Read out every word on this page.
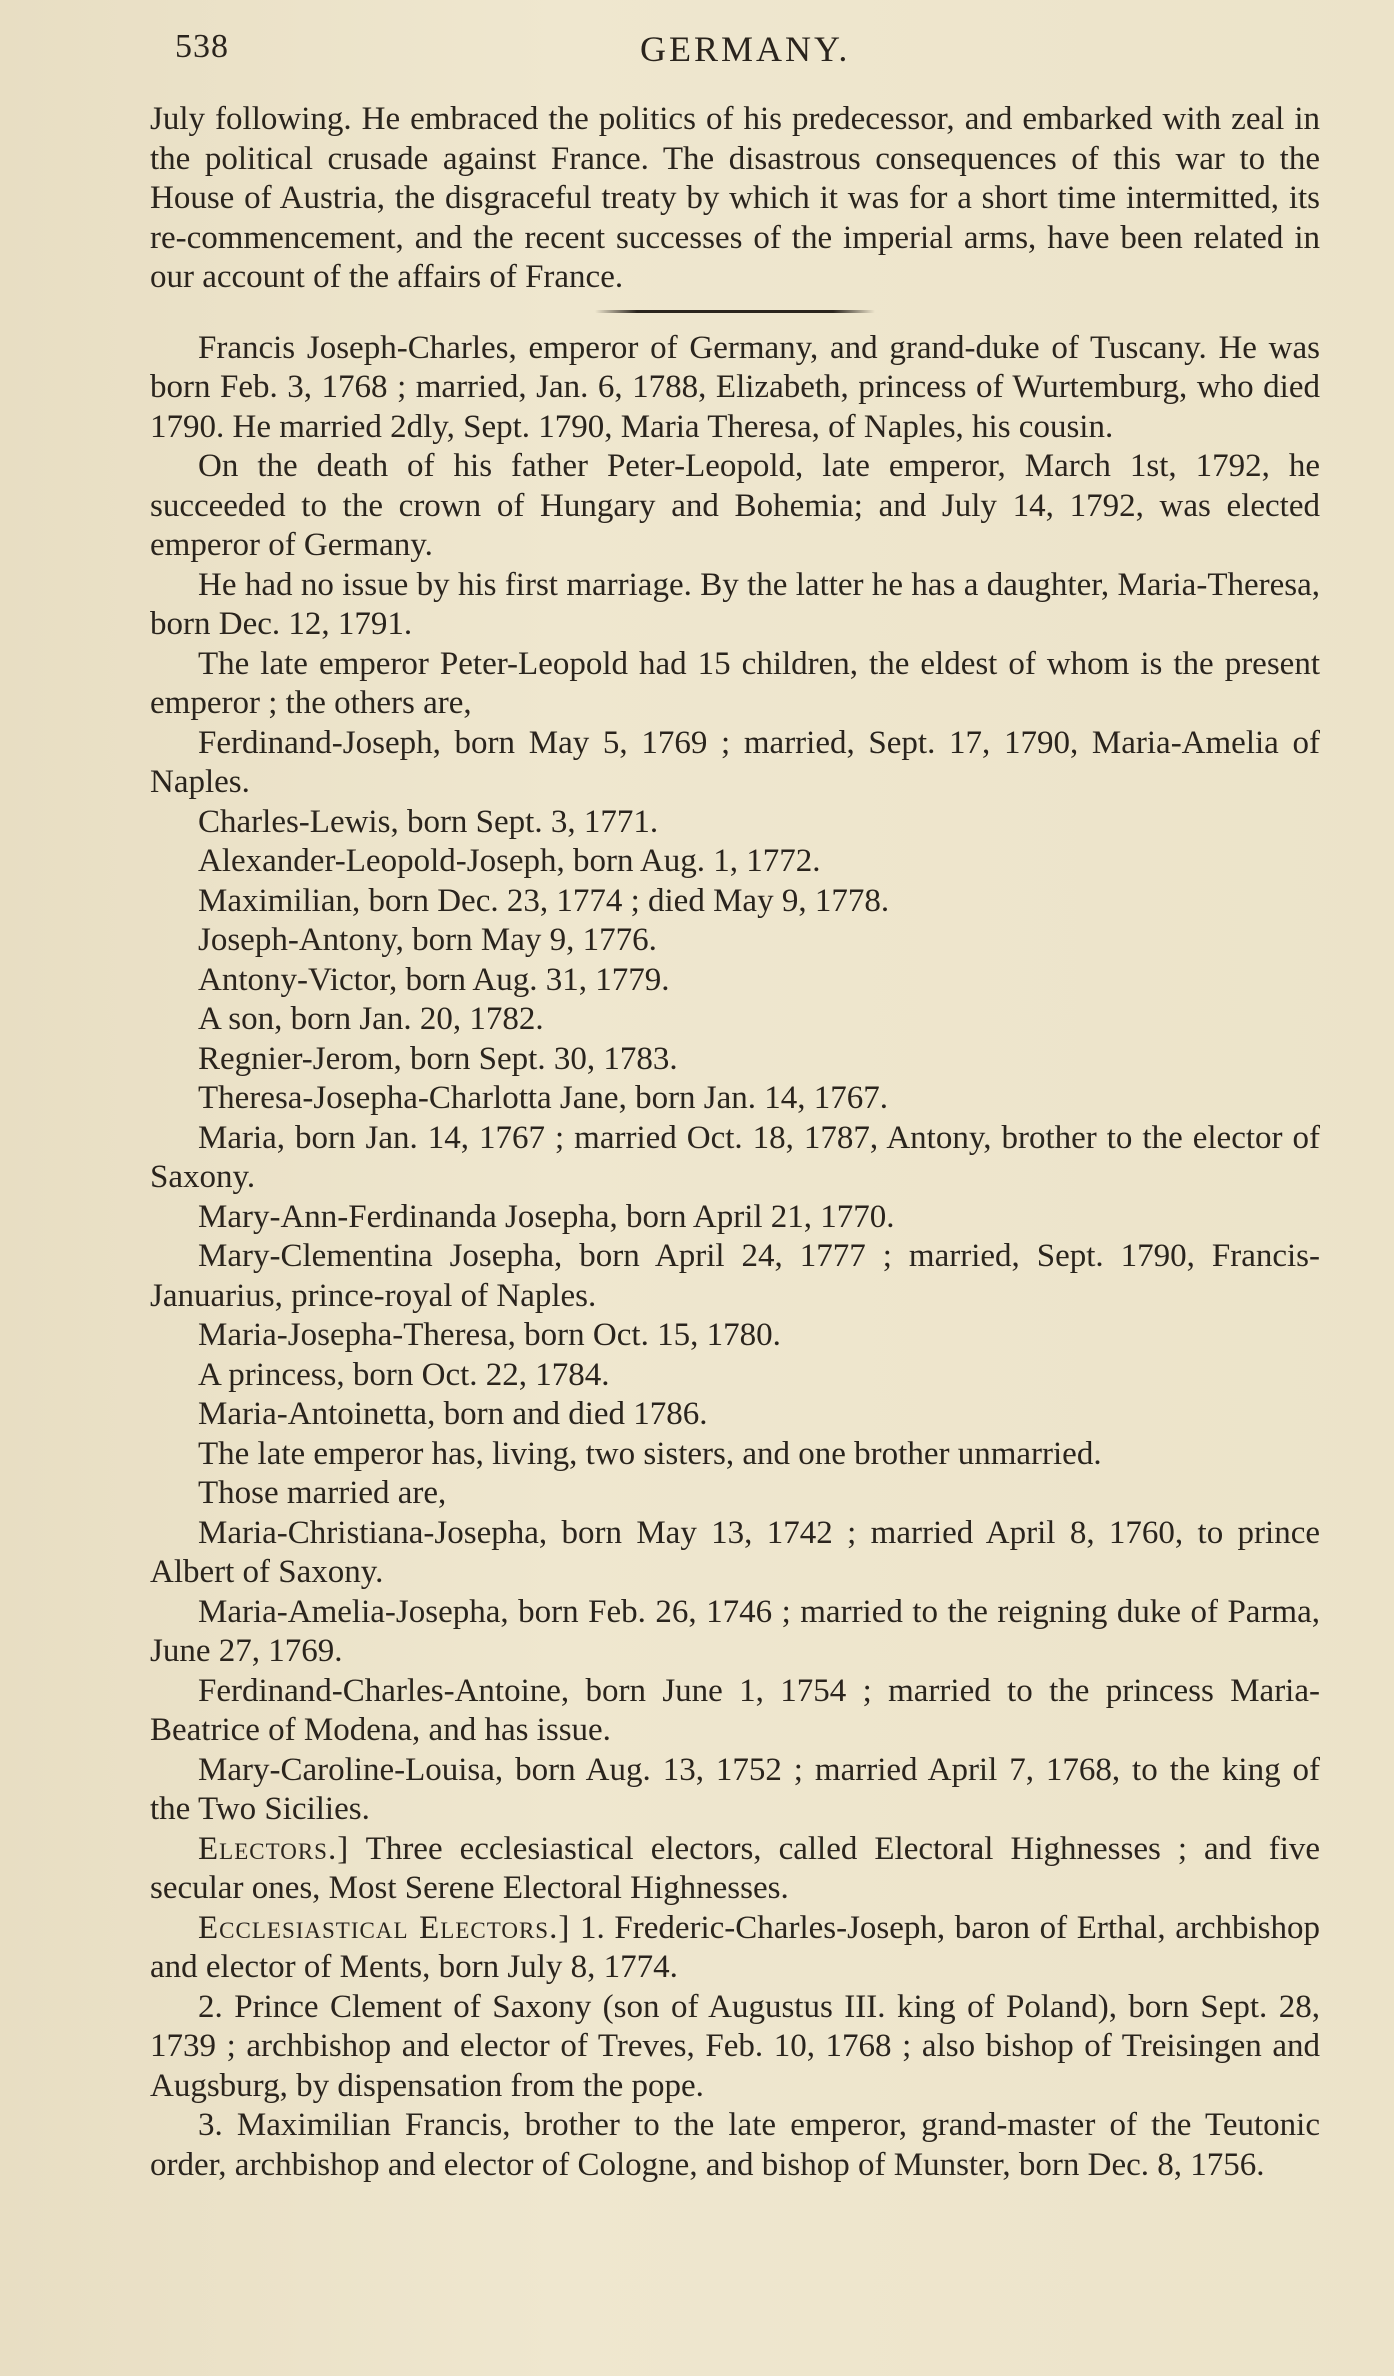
538	GERMANY.

July following. He embraced the politics of his predecessor, and embarked with zeal in the political crusade against France. The disastrous consequences of this war to the House of Austria, the disgraceful treaty by which it was for a short time intermitted, its re-commencement, and the recent successes of the imperial arms, have been related in our account of the affairs of France.

Francis Joseph-Charles, emperor of Germany, and grand-duke of Tuscany. He was born Feb. 3, 1768 ; married, Jan. 6, 1788, Elizabeth, princess of Wurtemburg, who died 1790. He married 2dly, Sept. 1790, Maria Theresa, of Naples, his cousin.

On the death of his father Peter-Leopold, late emperor, March 1st, 1792, he succeeded to the crown of Hungary and Bohemia; and July 14, 1792, was elected emperor of Germany.

He had no issue by his first marriage. By the latter he has a daughter, Maria-Theresa, born Dec. 12, 1791.

The late emperor Peter-Leopold had 15 children, the eldest of whom is the present emperor ; the others are,

Ferdinand-Joseph, born May 5, 1769 ; married, Sept. 17, 1790, Maria-Amelia of Naples.

Charles-Lewis, born Sept. 3, 1771.

Alexander-Leopold-Joseph, born Aug. 1, 1772.

Maximilian, born Dec. 23, 1774 ; died May 9, 1778.

Joseph-Antony, born May 9, 1776.

Antony-Victor, born Aug. 31, 1779.

A son, born Jan. 20, 1782.

Regnier-Jerom, born Sept. 30, 1783.

Theresa-Josepha-Charlotta Jane, born Jan. 14, 1767.

Maria, born Jan. 14, 1767 ; married Oct. 18, 1787, Antony, brother to the elector of Saxony.

Mary-Ann-Ferdinanda Josepha, born April 21, 1770.

Mary-Clementina Josepha, born April 24, 1777 ; married, Sept. 1790, Francis-Januarius, prince-royal of Naples.

Maria-Josepha-Theresa, born Oct. 15, 1780.

A princess, born Oct. 22, 1784.

Maria-Antoinetta, born and died 1786.

The late emperor has, living, two sisters, and one brother unmarried.

Those married are,

Maria-Christiana-Josepha, born May 13, 1742 ; married April 8, 1760, to prince Albert of Saxony.

Maria-Amelia-Josepha, born Feb. 26, 1746 ; married to the reigning duke of Parma, June 27, 1769.

Ferdinand-Charles-Antoine, born June 1, 1754 ; married to the princess Maria-Beatrice of Modena, and has issue.

Mary-Caroline-Louisa, born Aug. 13, 1752 ; married April 7, 1768, to the king of the Two Sicilies.

Electors.] Three ecclesiastical electors, called Electoral Highnesses ; and five secular ones, Most Serene Electoral Highnesses.

Ecclesiastical Electors.] 1. Frederic-Charles-Joseph, baron of Erthal, archbishop and elector of Ments, born July 8, 1774.

2. Prince Clement of Saxony (son of Augustus III. king of Poland), born Sept. 28, 1739 ; archbishop and elector of Treves, Feb. 10, 1768 ; also bishop of Treisingen and Augsburg, by dispensation from the pope.

3. Maximilian Francis, brother to the late emperor, grand-master of the Teutonic order, archbishop and elector of Cologne, and bishop of Munster, born Dec. 8, 1756.
